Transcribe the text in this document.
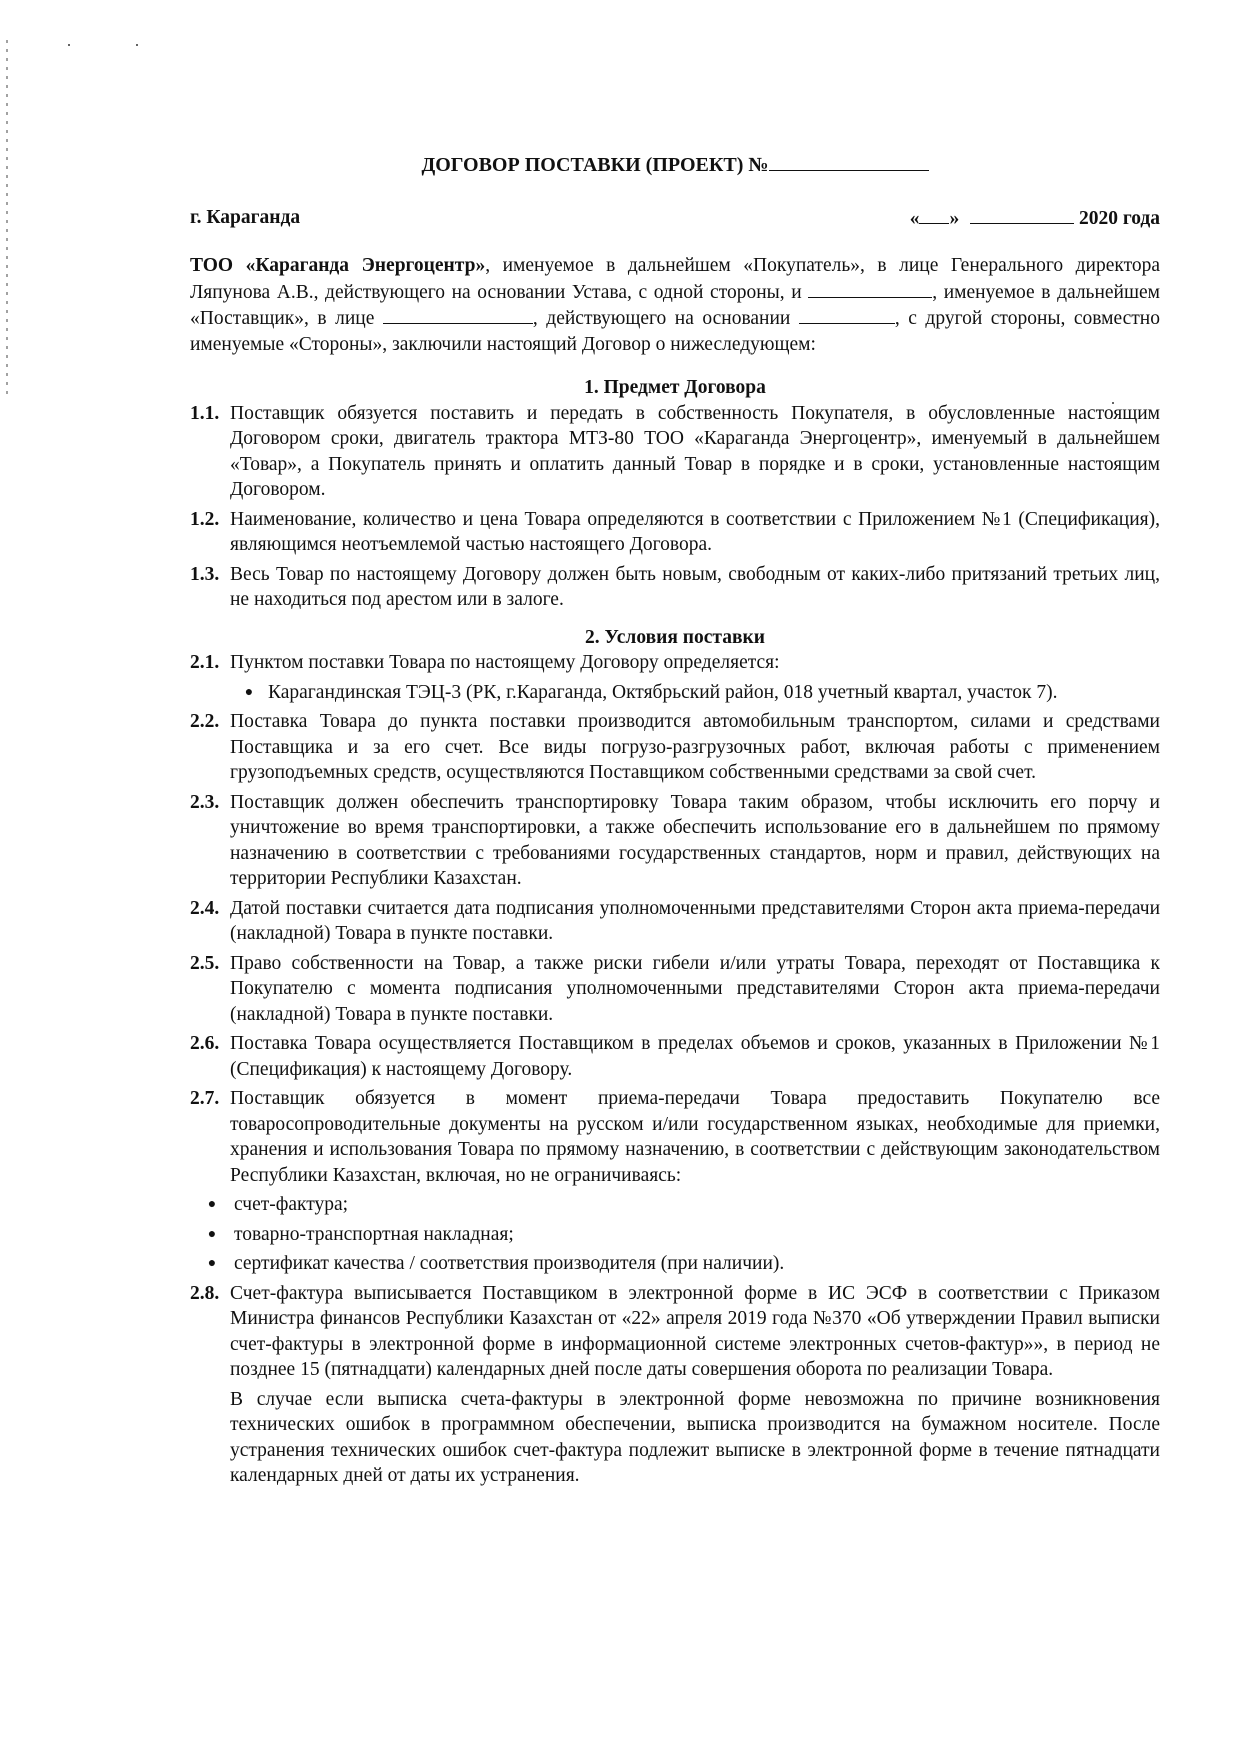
ДОГОВОР ПОСТАВКИ (ПРОЕКТ) №
г. Караганда	« »	2020 года
ТОО «Караганда Энергоцентр», именуемое в дальнейшем «Покупатель», в лице Генерального директора Ляпунова А.В., действующего на основании Устава, с одной стороны, и	, именуемое в дальнейшем «Поставщик», в лице	, действующего на основании	, с другой стороны, совместно именуемые «Стороны», заключили настоящий Договор о нижеследующем:
1. Предмет Договора
1.1. Поставщик обязуется поставить и передать в собственность Покупателя, в обусловленные настоящим Договором сроки, двигатель трактора МТЗ-80 ТОО «Караганда Энергоцентр», именуемый в дальнейшем «Товар», а Покупатель принять и оплатить данный Товар в порядке и в сроки, установленные настоящим Договором.
1.2. Наименование, количество и цена Товара определяются в соответствии с Приложением №1 (Спецификация), являющимся неотъемлемой частью настоящего Договора.
1.3. Весь Товар по настоящему Договору должен быть новым, свободным от каких-либо притязаний третьих лиц, не находиться под арестом или в залоге.
2. Условия поставки
2.1. Пунктом поставки Товара по настоящему Договору определяется:
● Карагандинская ТЭЦ-3 (РК, г.Караганда, Октябрьский район, 018 учетный квартал, участок 7).
2.2. Поставка Товара до пункта поставки производится автомобильным транспортом, силами и средствами Поставщика и за его счет. Все виды погрузо-разгрузочных работ, включая работы с применением грузоподъемных средств, осуществляются Поставщиком собственными средствами за свой счет.
2.3. Поставщик должен обеспечить транспортировку Товара таким образом, чтобы исключить его порчу и уничтожение во время транспортировки, а также обеспечить использование его в дальнейшем по прямому назначению в соответствии с требованиями государственных стандартов, норм и правил, действующих на территории Республики Казахстан.
2.4. Датой поставки считается дата подписания уполномоченными представителями Сторон акта приема-передачи (накладной) Товара в пункте поставки.
2.5. Право собственности на Товар, а также риски гибели и/или утраты Товара, переходят от Поставщика к Покупателю с момента подписания уполномоченными представителями Сторон акта приема-передачи (накладной) Товара в пункте поставки.
2.6. Поставка Товара осуществляется Поставщиком в пределах объемов и сроков, указанных в Приложении №1 (Спецификация) к настоящему Договору.
2.7. Поставщик обязуется в момент приема-передачи Товара предоставить Покупателю все товаросопроводительные документы на русском и/или государственном языках, необходимые для приемки, хранения и использования Товара по прямому назначению, в соответствии с действующим законодательством Республики Казахстан, включая, но не ограничиваясь:
● счет-фактура;
● товарно-транспортная накладная;
● сертификат качества / соответствия производителя (при наличии).
2.8. Счет-фактура выписывается Поставщиком в электронной форме в ИС ЭСФ в соответствии с Приказом Министра финансов Республики Казахстан от «22» апреля 2019 года №370 «Об утверждении Правил выписки счет-фактуры в электронной форме в информационной системе электронных счетов-фактур»», в период не позднее 15 (пятнадцати) календарных дней после даты совершения оборота по реализации Товара.
В случае если выписка счета-фактуры в электронной форме невозможна по причине возникновения технических ошибок в программном обеспечении, выписка производится на бумажном носителе. После устранения технических ошибок счет-фактура подлежит выписке в электронной форме в течение пятнадцати календарных дней от даты их устранения.
